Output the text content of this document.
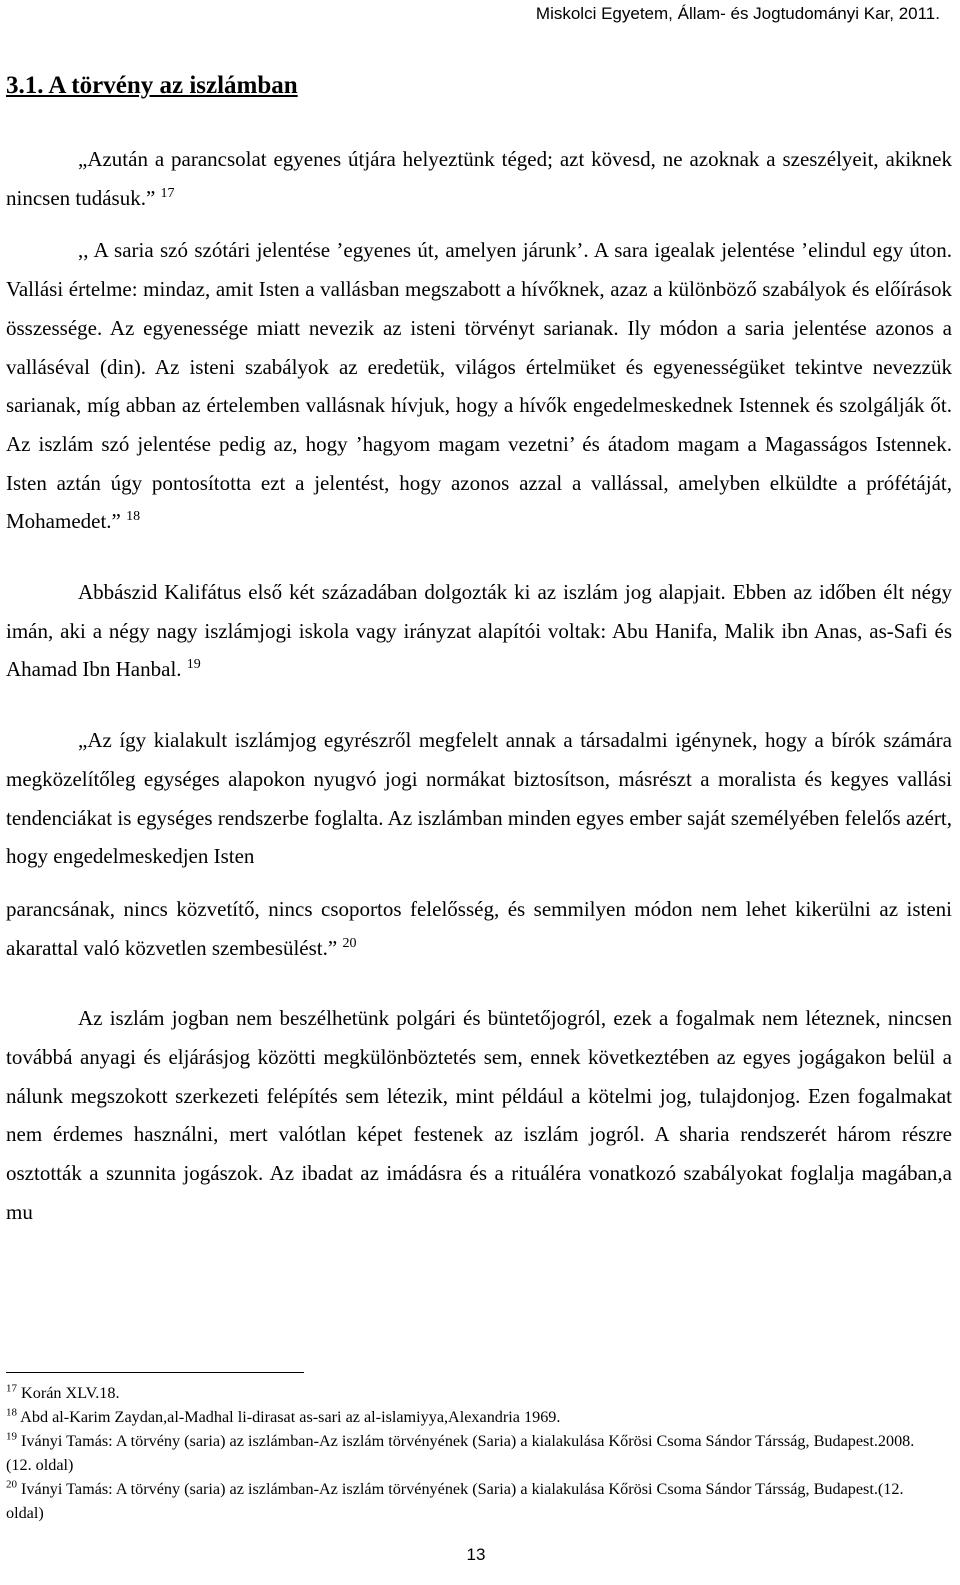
Miskolci Egyetem, Állam- és Jogtudományi Kar, 2011.
3.1. A törvény az iszlámban

„Azután a parancsolat egyenes útjára helyeztünk téged; azt kövesd, ne azoknak a szeszélyeit, akiknek nincsen tudásuk.” $^{17}$

,, A saria szó szótári jelentése ’egyenes út, amelyen járunk’. A sara igealak jelentése ’elindul egy úton. Vallási értelme: mindaz, amit Isten a vallásban megszabott a hívőknek, azaz a különböző szabályok és előírások összessége. Az egyenessége miatt nevezik az isteni törvényt sarianak. Ily módon a saria jelentése azonos a valláséval (din). Az isteni szabályok az eredetük, világos értelmüket és egyenességüket tekintve nevezzük sarianak, míg abban az értelemben vallásnak hívjuk, hogy a hívők engedelmeskednek Istennek és szolgálják őt. Az iszlám szó jelentése pedig az, hogy ’hagyom magam vezetni’ és átadom magam a Magasságos Istennek. Isten aztán úgy pontosította ezt a jelentést, hogy azonos azzal a vallással, amelyben elküldte a prófétáját, Mohamedet.” $^{18}$

Abbászid Kalifátus első két századában dolgozták ki az iszlám jog alapjait. Ebben az időben élt négy imán, aki a négy nagy iszlámjogi iskola vagy irányzat alapítói voltak: Abu Hanifa, Malik ibn Anas, as-Safi és Ahamad Ibn Hanbal. $^{19}$

„Az így kialakult iszlámjog egyrészről megfelelt annak a társadalmi igénynek, hogy a bírók számára megközelítőleg egységes alapokon nyugvó jogi normákat biztosítson, másrészt a moralista és kegyes vallási tendenciákat is egységes rendszerbe foglalta. Az iszlámban minden egyes ember saját személyében felelős azért, hogy engedelmeskedjen Isten

parancsának, nincs közvetítő, nincs csoportos felelősség, és semmilyen módon nem lehet kikerülni az isteni akarattal való közvetlen szembesülést.” $^{20}$

Az iszlám jogban nem beszélhetünk polgári és büntetőjogról, ezek a fogalmak nem léteznek, nincsen továbbá anyagi és eljárásjog közötti megkülönböztetés sem, ennek következtében az egyes jogágakon belül a nálunk megszokott szerkezeti felépítés sem létezik, mint például a kötelmi jog, tulajdonjog. Ezen fogalmakat nem érdemes használni, mert valótlan képet festenek az iszlám jogról. A sharia rendszerét három részre osztották a szunnita jogászok. Az ibadat az imádásra és a rituáléra vonatkozó szabályokat foglalja magában,a mu

$^{17}$ Korán XLV.18.

$^{18}$ Abd al-Karim Zaydan,al-Madhal li-dirasat as-sari az al-islamiyya,Alexandria 1969.

$^{19}$ Iványi Tamás: A törvény (saria) az iszlámban-Az iszlám törvényének (Saria) a kialakulása Kőrösi Csoma Sándor Társság, Budapest.2008.(12. oldal)

$^{20}$ Iványi Tamás: A törvény (saria) az iszlámban-Az iszlám törvényének (Saria) a kialakulása Kőrösi Csoma Sándor Társság, Budapest.(12. oldal)

13
